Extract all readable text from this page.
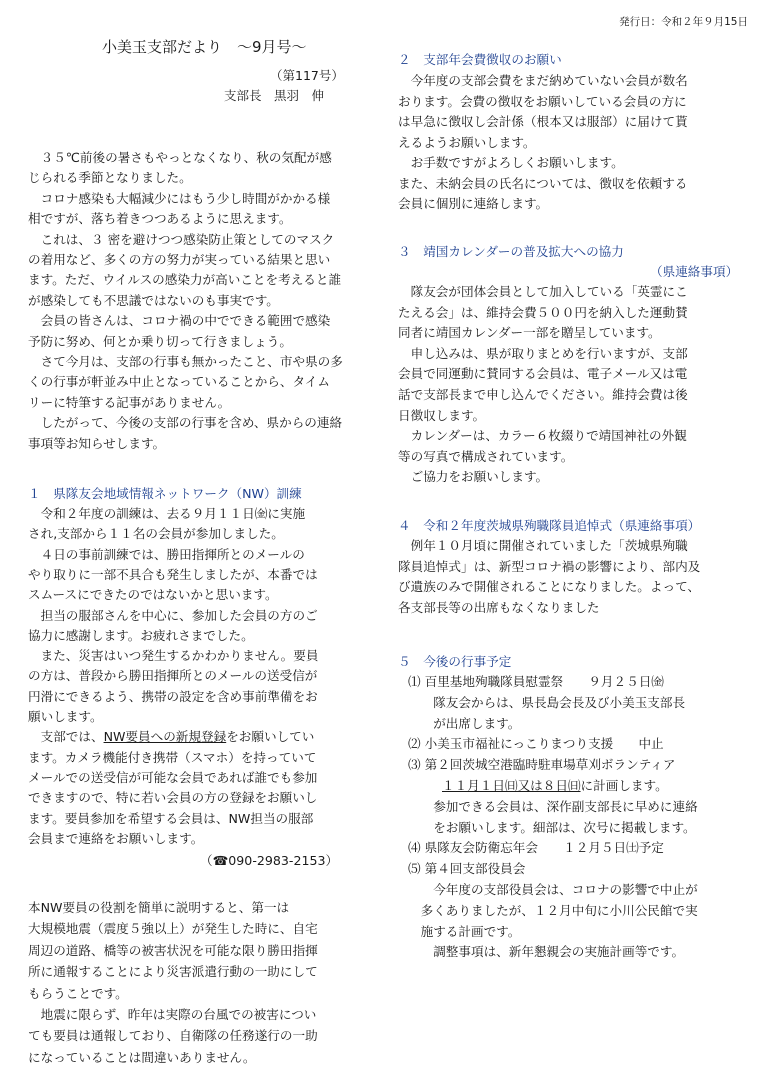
発行日：令和２年９月15日
小美玉支部だより　～9月号～
（第117号）
支部長　黒羽　伸
　３５℃前後の暑さもやっとなくなり、秋の気配が感
じられる季節となりました。
　コロナ感染も大幅減少にはもう少し時間がかかる様
相ですが、落ち着きつつあるように思えます。
　これは、３ 密を避けつつ感染防止策としてのマスク
の着用など、多くの方の努力が実っている結果と思い
ます。ただ、ウイルスの感染力が高いことを考えると誰
が感染しても不思議ではないのも事実です。
　会員の皆さんは、コロナ禍の中でできる範囲で感染
予防に努め、何とか乗り切って行きましょう。
　さて今月は、支部の行事も無かったこと、市や県の多
くの行事が軒並み中止となっていることから、タイム
リーに特筆する記事がありません。
　したがって、今後の支部の行事を含め、県からの連絡
事項等お知らせします。
１　県隊友会地域情報ネットワーク（NW）訓練
　令和２年度の訓練は、去る９月１１日㈮に実施
され,支部から１１名の会員が参加しました。
　４日の事前訓練では、勝田指揮所とのメールの
やり取りに一部不具合も発生しましたが、本番では
スムースにできたのではないかと思います。
　担当の服部さんを中心に、参加した会員の方のご
協力に感謝します。お疲れさまでした。
　また、災害はいつ発生するかわかりません。要員
の方は、普段から勝田指揮所とのメールの送受信が
円滑にできるよう、携帯の設定を含め事前準備をお
願いします。
　支部では、NW要員への新規登録をお願いしてい
ます。カメラ機能付き携帯（スマホ）を持っていて
メールでの送受信が可能な会員であれば誰でも参加
できますので、特に若い会員の方の登録をお願いし
ます。要員参加を希望する会員は、NW担当の服部
会員まで連絡をお願いします。
（☎090-2983-2153）
本NW要員の役割を簡単に説明すると、第一は
大規模地震（震度５強以上）が発生した時に、自宅
周辺の道路、橋等の被害状況を可能な限り勝田指揮
所に通報することにより災害派遣行動の一助にして
もらうことです。
　地震に限らず、昨年は実際の台風での被害につい
ても要員は通報しており、自衛隊の任務遂行の一助
になっていることは間違いありません。
２　支部年会費徴収のお願い
　今年度の支部会費をまだ納めていない会員が数名
おります。会費の徴収をお願いしている会員の方に
は早急に徴収し会計係（根本又は服部）に届けて貰
えるようお願いします。
　お手数ですがよろしくお願いします。
また、未納会員の氏名については、徴収を依頼する
会員に個別に連絡します。
３　靖国カレンダーの普及拡大への協力
（県連絡事項）
　隊友会が団体会員として加入している「英霊にこ
たえる会」は、維持会費５００円を納入した運動賛
同者に靖国カレンダー一部を贈呈しています。
　申し込みは、県が取りまとめを行いますが、支部
会員で同運動に賛同する会員は、電子メール又は電
話で支部長まで申し込んでください。維持会費は後
日徴収します。
　カレンダーは、カラー６枚綴りで靖国神社の外観
等の写真で構成されています。
　ご協力をお願いします。
４　令和２年度茨城県殉職隊員追悼式（県連絡事項）
　例年１０月頃に開催されていました「茨城県殉職
隊員追悼式」は、新型コロナ禍の影響により、部内及
び遺族のみで開催されることになりました。よって、
各支部長等の出席もなくなりました
５　今後の行事予定
⑴ 百里基地殉職隊員慰霊祭　　９月２５日㈮
　　隊友会からは、県長島会長及び小美玉支部長
　　が出席します。
⑵ 小美玉市福祉にっこりまつり支援　　中止
⑶ 第２回茨城空港臨時駐車場草刈ボランティア
１１月１日㈰又は８日㈰に計画します。
　　参加できる会員は、深作副支部長に早めに連絡
　　をお願いします。細部は、次号に掲載します。
⑷ 県隊友会防衛忘年会　　１２月５日㈯予定
⑸ 第４回支部役員会
　　今年度の支部役員会は、コロナの影響で中止が
　多くありましたが、１２月中旬に小川公民館で実
　施する計画です。
　　調整事項は、新年懇親会の実施計画等です。
